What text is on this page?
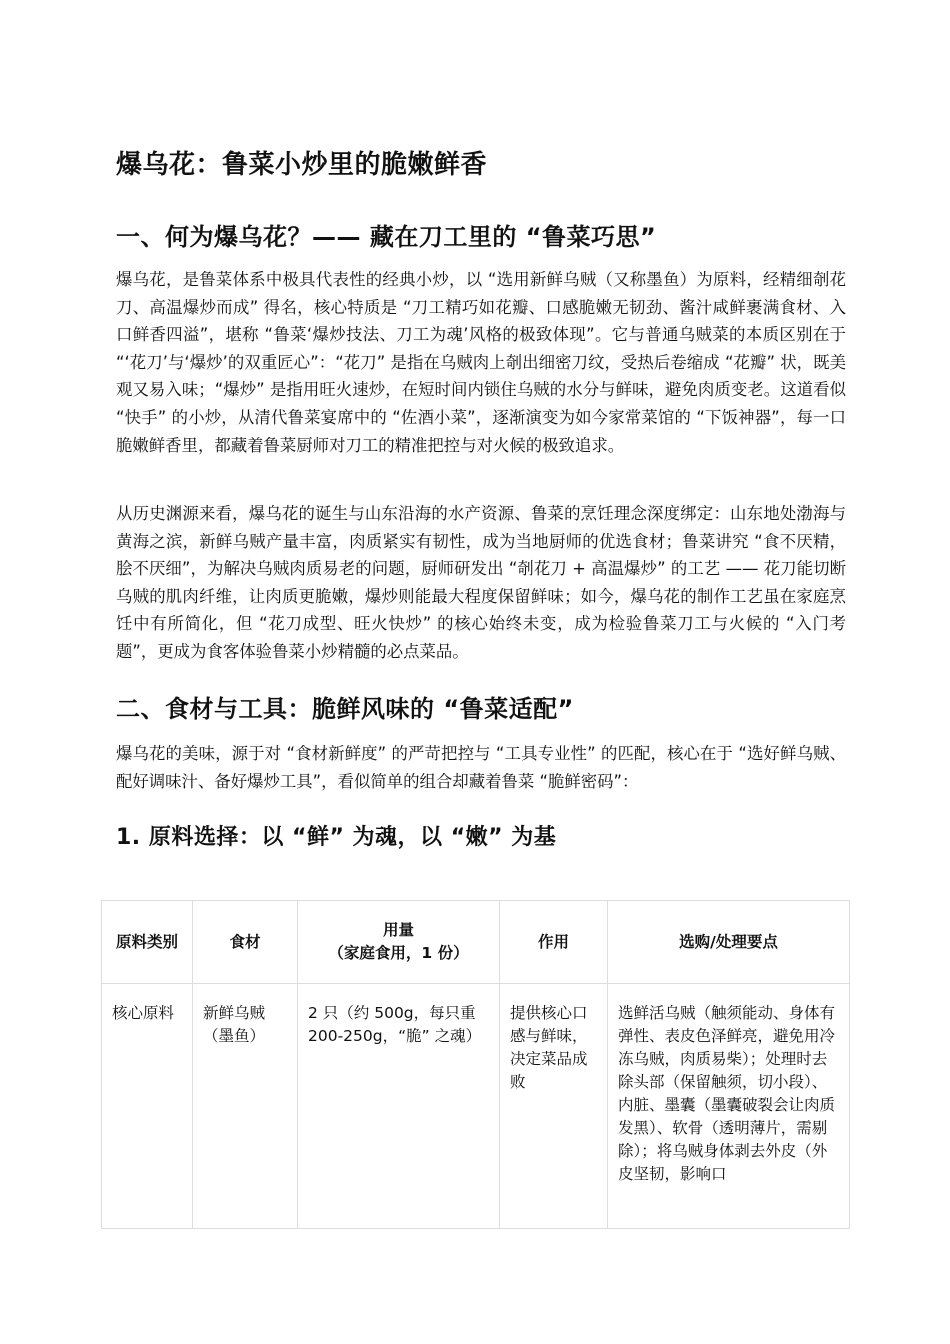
爆乌花：鲁菜小炒里的脆嫩鲜香
一、何为爆乌花？—— 藏在刀工里的 “鲁菜巧思”

爆乌花，是鲁菜体系中极具代表性的经典小炒，以 “选用新鲜乌贼（又称墨鱼）为原料，经精细剞花刀、高温爆炒而成” 得名，核心特质是 “刀工精巧如花瓣、口感脆嫩无韧劲、酱汁咸鲜裹满食材、入口鲜香四溢”，堪称 “鲁菜‘爆炒技法、刀工为魂’风格的极致体现”。它与普通乌贼菜的本质区别在于 “‘花刀’与‘爆炒’的双重匠心”：“花刀” 是指在乌贼肉上剞出细密刀纹，受热后卷缩成 “花瓣” 状，既美观又易入味；“爆炒” 是指用旺火速炒，在短时间内锁住乌贼的水分与鲜味，避免肉质变老。这道看似 “快手” 的小炒，从清代鲁菜宴席中的 “佐酒小菜”，逐渐演变为如今家常菜馆的 “下饭神器”，每一口脆嫩鲜香里，都藏着鲁菜厨师对刀工的精准把控与对火候的极致追求。

从历史渊源来看，爆乌花的诞生与山东沿海的水产资源、鲁菜的烹饪理念深度绑定：山东地处渤海与黄海之滨，新鲜乌贼产量丰富，肉质紧实有韧性，成为当地厨师的优选食材；鲁菜讲究 “食不厌精，脍不厌细”，为解决乌贼肉质易老的问题，厨师研发出 “剞花刀 + 高温爆炒” 的工艺 —— 花刀能切断乌贼的肌肉纤维，让肉质更脆嫩，爆炒则能最大程度保留鲜味；如今，爆乌花的制作工艺虽在家庭烹饪中有所简化，但 “花刀成型、旺火快炒” 的核心始终未变，成为检验鲁菜刀工与火候的 “入门考题”，更成为食客体验鲁菜小炒精髓的必点菜品。

二、食材与工具：脆鲜风味的 “鲁菜适配”

爆乌花的美味，源于对 “食材新鲜度” 的严苛把控与 “工具专业性” 的匹配，核心在于 “选好鲜乌贼、配好调味汁、备好爆炒工具”，看似简单的组合却藏着鲁菜 “脆鲜密码”：

1. 原料选择：以 “鲜” 为魂，以 “嫩” 为基
原料类别	食材	用量
（家庭食用，1 份）	作用	选购/处理要点

核心原料	新鲜乌贼（墨鱼）	2 只（约 500g，每只重 200-250g，“脆” 之魂）	提供核心口感与鲜味，决定菜品成败	选鲜活乌贼（触须能动、身体有弹性、表皮色泽鲜亮，避免用冷冻乌贼，肉质易柴）；处理时去除头部（保留触须，切小段）、内脏、墨囊（墨囊破裂会让肉质发黑）、软骨（透明薄片，需剔除）；将乌贼身体剥去外皮（外皮坚韧，影响口
